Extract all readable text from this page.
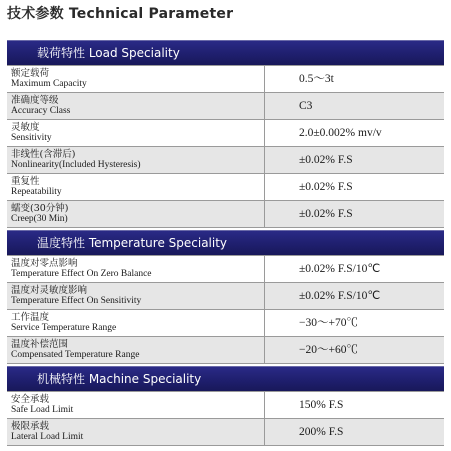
技术参数 Technical Parameter
载荷特性 Load Speciality
额定载荷
Maximum Capacity	0.5～3t
准确度等级
Accuracy Class	C3
灵敏度
Sensitivity	2.0±0.002% mv/v
非线性(含滞后)
Nonlinearity(Included Hysteresis)	±0.02% F.S
重复性
Repeatability	±0.02% F.S
蠕变(30分钟)
Creep(30 Min)	±0.02% F.S
温度特性 Temperature Speciality
温度对零点影响
Temperature Effect On Zero Balance	±0.02% F.S/10℃
温度对灵敏度影响
Temperature Effect On Sensitivity	±0.02% F.S/10℃
工作温度
Service Temperature Range	−30～+70℃
温度补偿范围
Compensated Temperature Range	−20～+60℃
机械特性 Machine Speciality
安全承载
Safe Load Limit	150% F.S
极限承载
Lateral Load Limit	200% F.S
